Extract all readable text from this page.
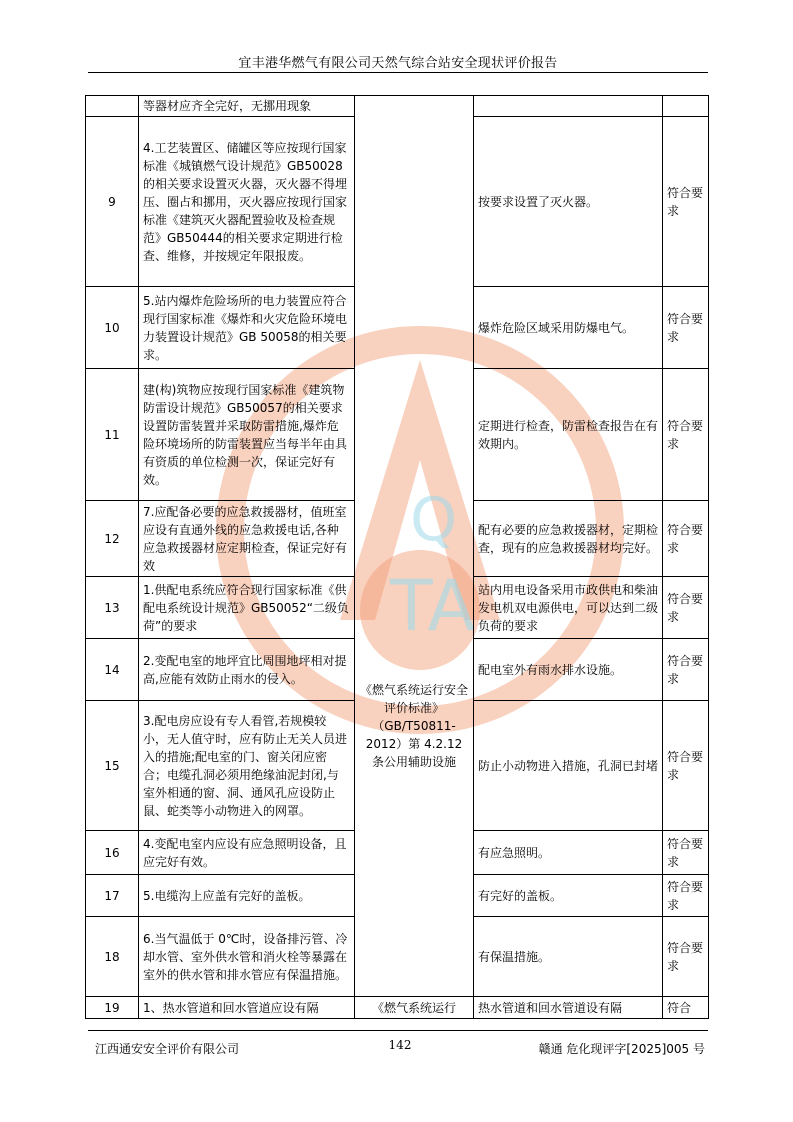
宜丰港华燃气有限公司天然气综合站安全现状评价报告
TA
Q
	等器材应齐全完好，无挪用现象	《燃气系统运行安全评价标准》（GB/T50811-2012）第 4.2.12 条公用辅助设施		
9	4.工艺装置区、储罐区等应按现行国家标准《城镇燃气设计规范》GB50028的相关要求设置灭火器，灭火器不得埋压、圈占和挪用，灭火器应按现行国家标准《建筑灭火器配置验收及检查规范》GB50444的相关要求定期进行检查、维修，并按规定年限报废。		按要求设置了灭火器。	符合要求
10	5.站内爆炸危险场所的电力装置应符合现行国家标准《爆炸和火灾危险环境电力装置设计规范》GB 50058的相关要求。		爆炸危险区域采用防爆电气。	符合要求
11	建(构)筑物应按现行国家标准《建筑物防雷设计规范》GB50057的相关要求设置防雷装置并采取防雷措施,爆炸危险环境场所的防雷装置应当每半年由具有资质的单位检测一次，保证完好有效。		定期进行检查，防雷检查报告在有效期内。	符合要求
12	7.应配备必要的应急救援器材，值班室应设有直通外线的应急救援电话,各种应急救援器材应定期检查，保证完好有效		配有必要的应急救援器材，定期检查，现有的应急救援器材均完好。	符合要求
13	1.供配电系统应符合现行国家标准《供配电系统设计规范》GB50052“二级负荷”的要求		站内用电设备采用市政供电和柴油发电机双电源供电，可以达到二级负荷的要求	符合要求
14	2.变配电室的地坪宜比周围地坪相对提高,应能有效防止雨水的侵入。		配电室外有雨水排水设施。	符合要求
15	3.配电房应设有专人看管,若规模较小，无人值守时，应有防止无关人员进入的措施;配电室的门、窗关闭应密合；电缆孔洞必须用绝缘油泥封闭,与室外相通的窗、洞、通风孔应设防止鼠、蛇类等小动物进入的网罩。		防止小动物进入措施，孔洞已封堵	符合要求
16	4.变配电室内应设有应急照明设备，且应完好有效。		有应急照明。	符合要求
17	5.电缆沟上应盖有完好的盖板。		有完好的盖板。	符合要求
18	6.当气温低于 0℃时，设备排污管、冷却水管、室外供水管和消火栓等暴露在室外的供水管和排水管应有保温措施。		有保温措施。	符合要求
19	1、热水管道和回水管道应设有隔	《燃气系统运行	热水管道和回水管道设有隔	符合
江西通安安全评价有限公司	142	赣通 危化现评字[2025]005 号
